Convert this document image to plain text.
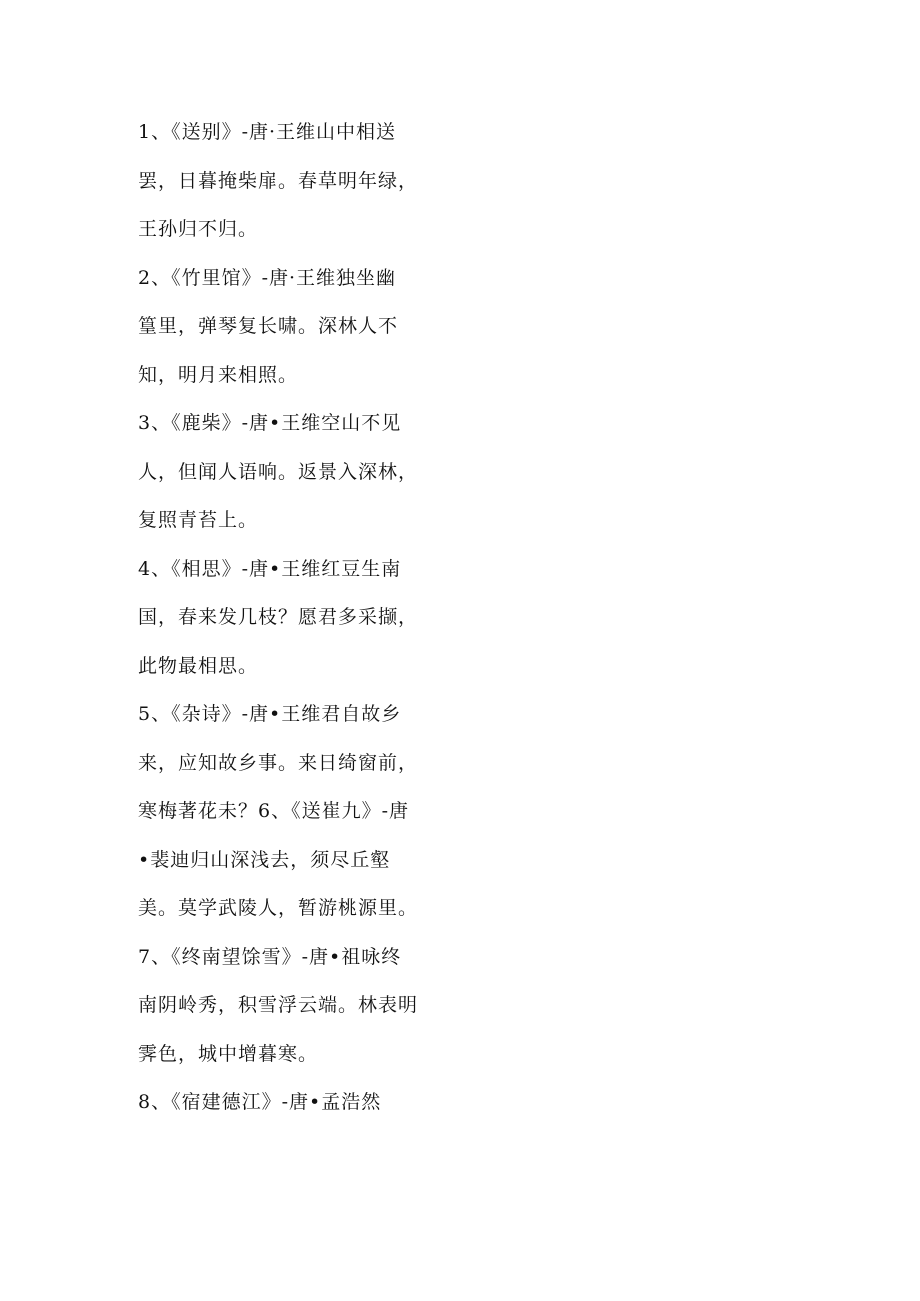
1、《送别》-唐·王维山中相送
罢，日暮掩柴扉。春草明年绿，
王孙归不归。
2、《竹里馆》-唐·王维独坐幽
篁里，弹琴复长啸。深林人不
知，明月来相照。
3、《鹿柴》-唐•王维空山不见
人，但闻人语响。返景入深林，
复照青苔上。
4、《相思》-唐•王维红豆生南
国，春来发几枝？愿君多采撷，
此物最相思。
5、《杂诗》-唐•王维君自故乡
来，应知故乡事。来日绮窗前，
寒梅著花未？6、《送崔九》-唐
•裴迪归山深浅去，须尽丘壑
美。莫学武陵人，暂游桃源里。
7、《终南望馀雪》-唐•祖咏终
南阴岭秀，积雪浮云端。林表明
霁色，城中增暮寒。
8、《宿建德江》-唐•孟浩然
